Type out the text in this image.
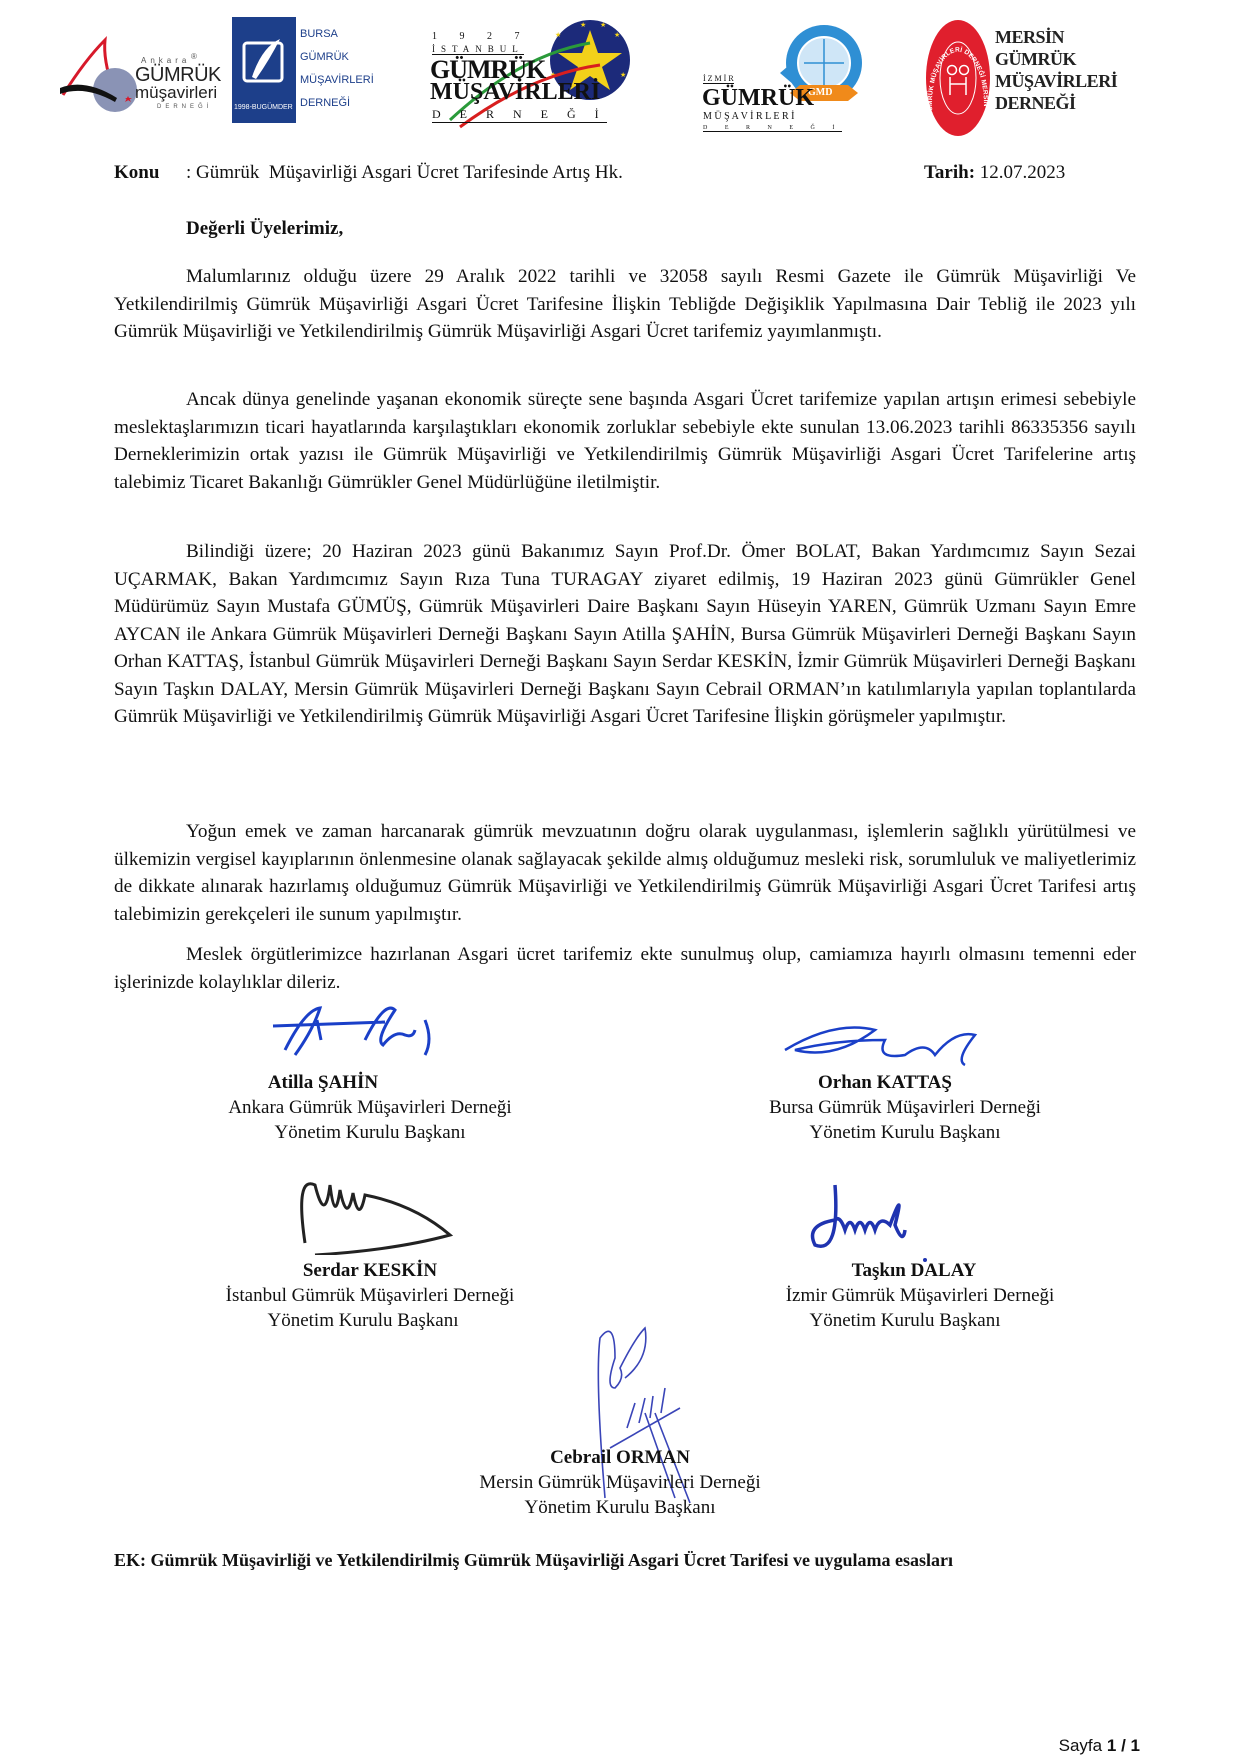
Ankara ®
GÜMRÜK
müşavirleri
DERNEĞİ	1998-BUGÜMDER
BURSA
GÜMRÜK
MÜŞAVİRLERİ
DERNEĞİ
★ ★
★
★
★
★
1 9 2 7
İSTANBUL
GÜMRÜK
MÜŞAVİRLERİ
D E R N E Ğ İ
GMD
İ Z M İ R
GÜMRÜK
M Ü Ş A V İ R L E R İ
D E R N E Ğ İ
GÜMRÜK MÜŞAVİRLERİ DERNEĞİ MERSİN
MERSİN
GÜMRÜK
MÜŞAVİRLERİ
DERNEĞİ
Konu : Gümrük  Müşavirliği Asgari Ücret Tarifesinde Artış Hk.	Tarih: 12.07.2023
Değerli Üyelerimiz,

Malumlarınız olduğu üzere 29 Aralık 2022 tarihli ve 32058 sayılı Resmi Gazete ile Gümrük Müşavirliği Ve Yetkilendirilmiş Gümrük Müşavirliği Asgari Ücret Tarifesine İlişkin Tebliğde Değişiklik Yapılmasına Dair Tebliğ ile 2023 yılı Gümrük Müşavirliği ve Yetkilendirilmiş Gümrük Müşavirliği Asgari Ücret tarifemiz yayımlanmıştı.

Ancak dünya genelinde yaşanan ekonomik süreçte sene başında Asgari Ücret tarifemize yapılan artışın erimesi sebebiyle meslektaşlarımızın ticari hayatlarında karşılaştıkları ekonomik zorluklar sebebiyle ekte sunulan 13.06.2023 tarihli 86335356 sayılı Derneklerimizin ortak yazısı ile Gümrük Müşavirliği ve Yetkilendirilmiş Gümrük Müşavirliği Asgari Ücret Tarifelerine artış talebimiz Ticaret Bakanlığı Gümrükler Genel Müdürlüğüne iletilmiştir.

Bilindiği üzere; 20 Haziran 2023 günü Bakanımız Sayın Prof.Dr. Ömer BOLAT, Bakan Yardımcımız Sayın Sezai UÇARMAK, Bakan Yardımcımız Sayın Rıza Tuna TURAGAY ziyaret edilmiş, 19 Haziran 2023 günü Gümrükler Genel Müdürümüz Sayın Mustafa GÜMÜŞ, Gümrük Müşavirleri Daire Başkanı Sayın Hüseyin YAREN, Gümrük Uzmanı Sayın Emre AYCAN ile Ankara Gümrük Müşavirleri Derneği Başkanı Sayın Atilla ŞAHİN, Bursa Gümrük Müşavirleri Derneği Başkanı Sayın Orhan KATTAŞ, İstanbul Gümrük Müşavirleri Derneği Başkanı Sayın Serdar KESKİN, İzmir Gümrük Müşavirleri Derneği Başkanı Sayın Taşkın DALAY, Mersin Gümrük Müşavirleri Derneği Başkanı Sayın Cebrail ORMAN’ın katılımlarıyla yapılan toplantılarda Gümrük Müşavirliği ve Yetkilendirilmiş Gümrük Müşavirliği Asgari Ücret Tarifesine İlişkin görüşmeler yapılmıştır.

Yoğun emek ve zaman harcanarak gümrük mevzuatının doğru olarak uygulanması, işlemlerin sağlıklı yürütülmesi ve ülkemizin vergisel kayıplarının önlenmesine olanak sağlayacak şekilde almış olduğumuz mesleki risk, sorumluluk ve maliyetlerimiz de dikkate alınarak hazırlamış olduğumuz Gümrük Müşavirliği ve Yetkilendirilmiş Gümrük Müşavirliği Asgari Ücret Tarifesi artış talebimizin gerekçeleri ile sunum yapılmıştır.

Meslek örgütlerimizce hazırlanan Asgari ücret tarifemiz ekte sunulmuş olup, camiamıza hayırlı olmasını temenni eder işlerinizde kolaylıklar dileriz.

Atilla ŞAHİN
Ankara Gümrük Müşavirleri Derneği
Yönetim Kurulu Başkanı
Orhan KATTAŞ
Bursa Gümrük Müşavirleri Derneği
Yönetim Kurulu Başkanı
Serdar KESKİN
İstanbul Gümrük Müşavirleri Derneği
Yönetim Kurulu Başkanı
Taşkın DALAY
İzmir Gümrük Müşavirleri Derneği
Yönetim Kurulu Başkanı
Cebrail ORMAN
Mersin Gümrük Müşavirleri Derneği
Yönetim Kurulu Başkanı
EK: Gümrük Müşavirliği ve Yetkilendirilmiş Gümrük Müşavirliği Asgari Ücret Tarifesi ve uygulama esasları
Sayfa 1 / 1
